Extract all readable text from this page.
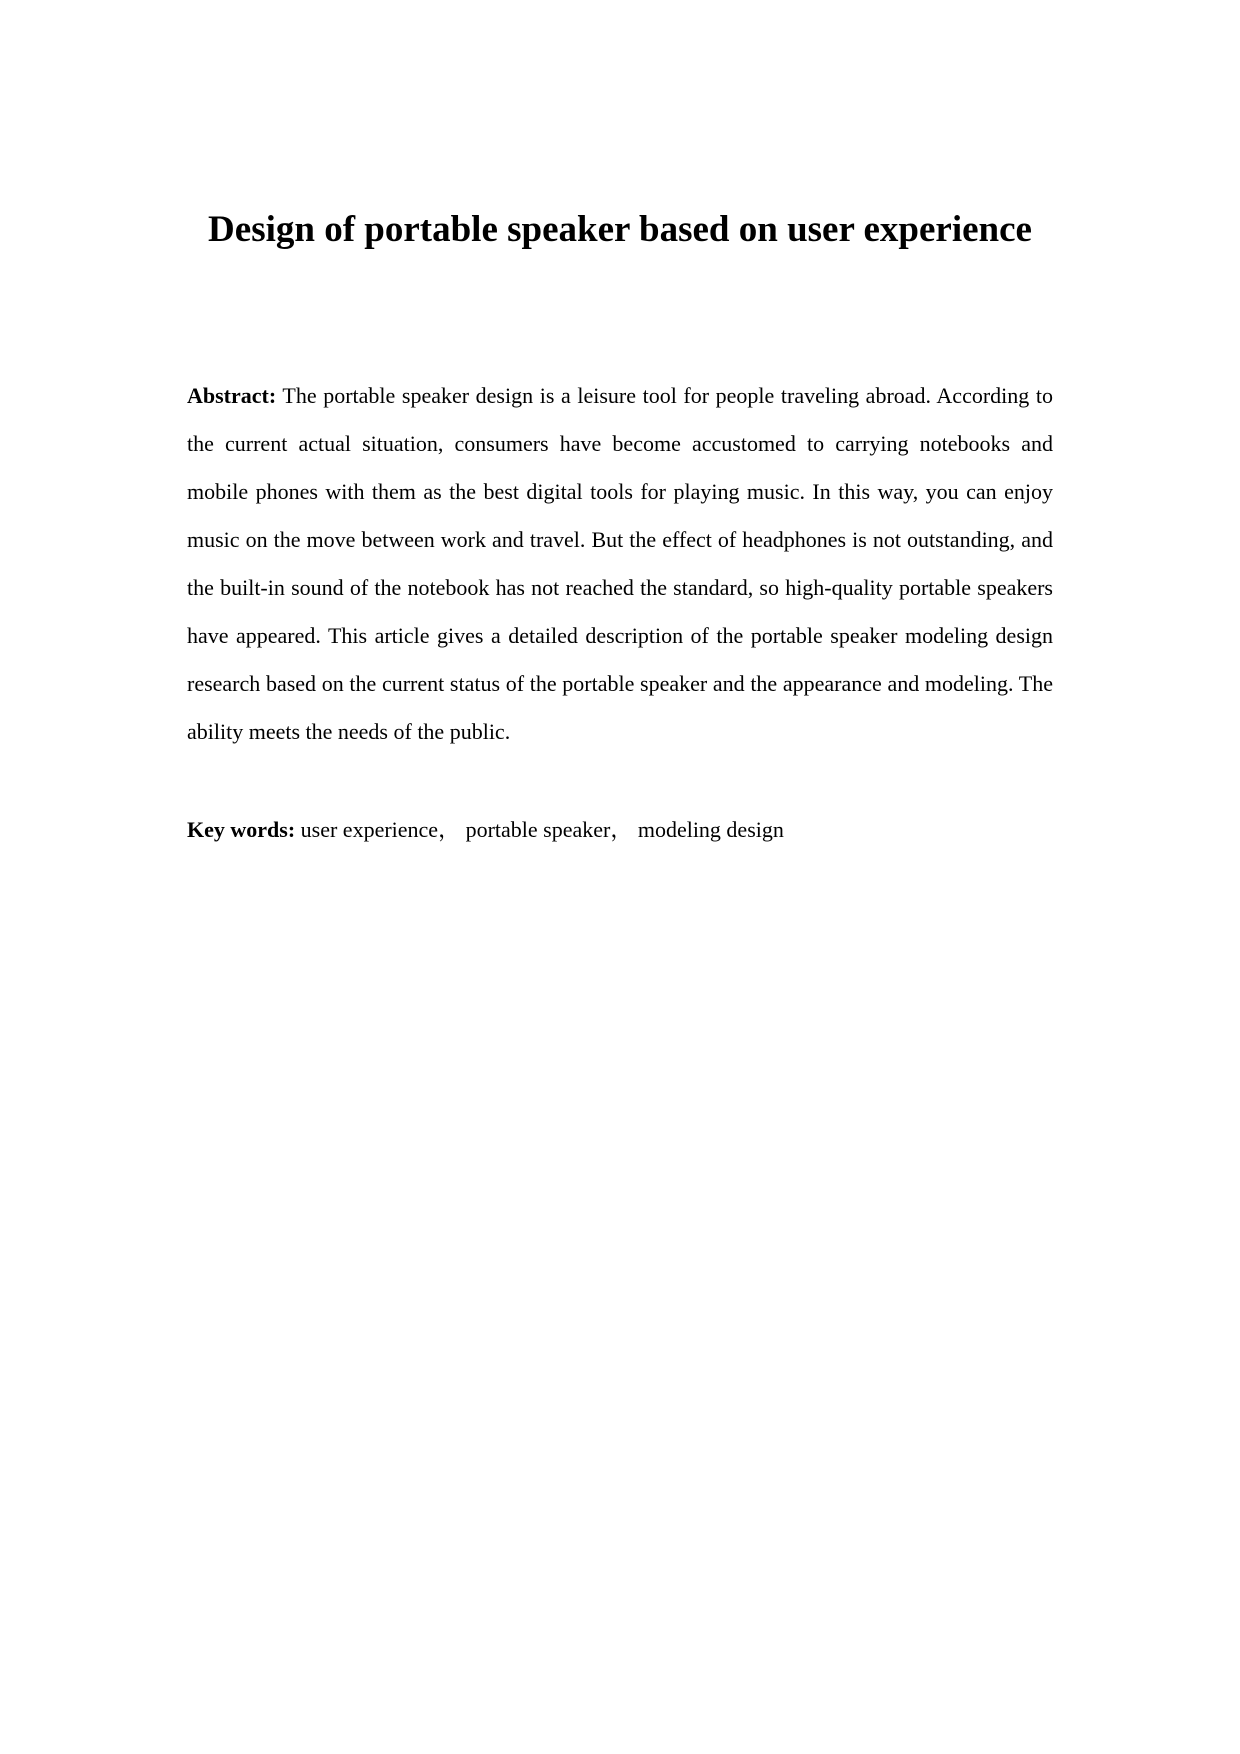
Design of portable speaker based on user experience

Abstract: The portable speaker design is a leisure tool for people traveling abroad. According to the current actual situation, consumers have become accustomed to carrying notebooks and mobile phones with them as the best digital tools for playing music. In this way, you can enjoy music on the move between work and travel. But the effect of headphones is not outstanding, and the built-in sound of the notebook has not reached the standard, so high-quality portable speakers have appeared. This article gives a detailed description of the portable speaker modeling design research based on the current status of the portable speaker and the appearance and modeling. The ability meets the needs of the public.

Key words: user experience， portable speaker， modeling design
